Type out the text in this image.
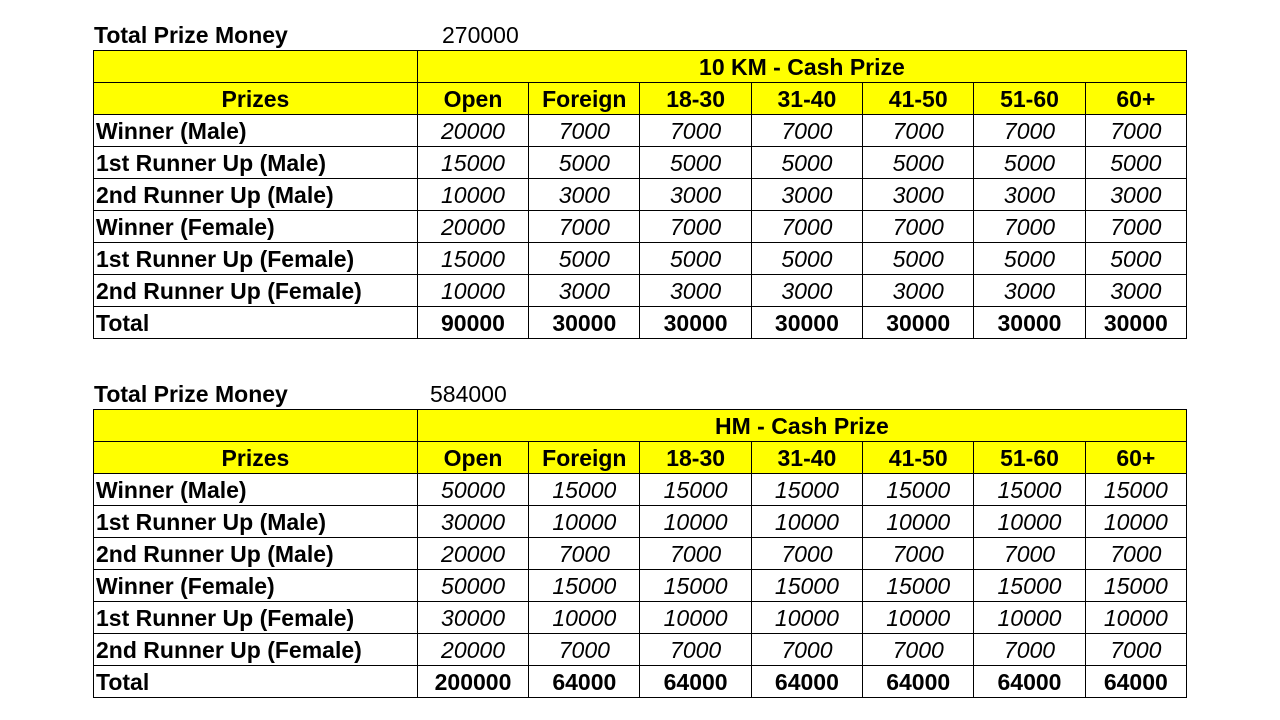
Total Prize Money	270000
	10 KM - Cash Prize						
Prizes	Open	Foreign	18-30	31-40	41-50	51-60	60+
Winner (Male)	20000	7000	7000	7000	7000	7000	7000
1st Runner Up (Male)	15000	5000	5000	5000	5000	5000	5000
2nd Runner Up (Male)	10000	3000	3000	3000	3000	3000	3000
Winner (Female)	20000	7000	7000	7000	7000	7000	7000
1st Runner Up (Female)	15000	5000	5000	5000	5000	5000	5000
2nd Runner Up (Female)	10000	3000	3000	3000	3000	3000	3000
Total	90000	30000	30000	30000	30000	30000	30000
Total Prize Money	584000
	HM - Cash Prize						
Prizes	Open	Foreign	18-30	31-40	41-50	51-60	60+
Winner (Male)	50000	15000	15000	15000	15000	15000	15000
1st Runner Up (Male)	30000	10000	10000	10000	10000	10000	10000
2nd Runner Up (Male)	20000	7000	7000	7000	7000	7000	7000
Winner (Female)	50000	15000	15000	15000	15000	15000	15000
1st Runner Up (Female)	30000	10000	10000	10000	10000	10000	10000
2nd Runner Up (Female)	20000	7000	7000	7000	7000	7000	7000
Total	200000	64000	64000	64000	64000	64000	64000
